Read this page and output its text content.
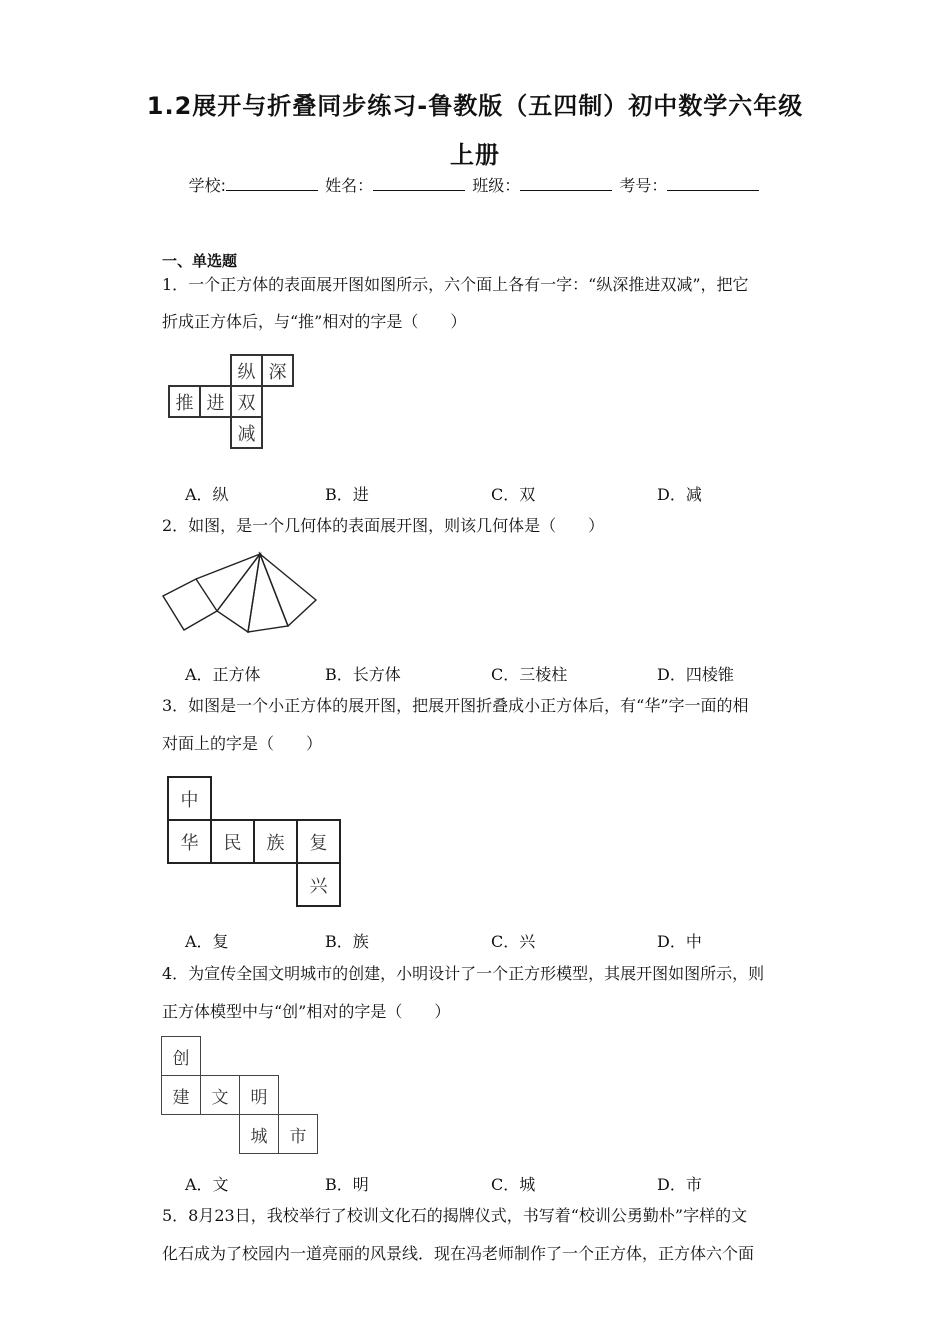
1.2展开与折叠同步练习-鲁教版（五四制）初中数学六年级
上册
学校:	姓名：	班级：	考号：
一、单选题
1．一个正方体的表面展开图如图所示，六个面上各有一字：“纵深推进双减”，把它
折成正方体后，与“推”相对的字是（　　）
纵 深
推 进 双
减
A．纵	B．进	C．双	D．减
2．如图，是一个几何体的表面展开图，则该几何体是（　　）
A．正方体	B．长方体	C．三棱柱	D．四棱锥
3．如图是一个小正方体的展开图，把展开图折叠成小正方体后，有“华”字一面的相
对面上的字是（　　）
中
华	民	族	复
兴
A．复	B．族	C．兴	D．中
4．为宣传全国文明城市的创建，小明设计了一个正方形模型，其展开图如图所示，则
正方体模型中与“创”相对的字是（　　）
创
建	文	明
城	市
A．文	B．明	C．城	D．市
5．8月23日，我校举行了校训文化石的揭牌仪式，书写着“校训公勇勤朴”字样的文
化石成为了校园内一道亮丽的风景线．现在冯老师制作了一个正方体，正方体六个面
